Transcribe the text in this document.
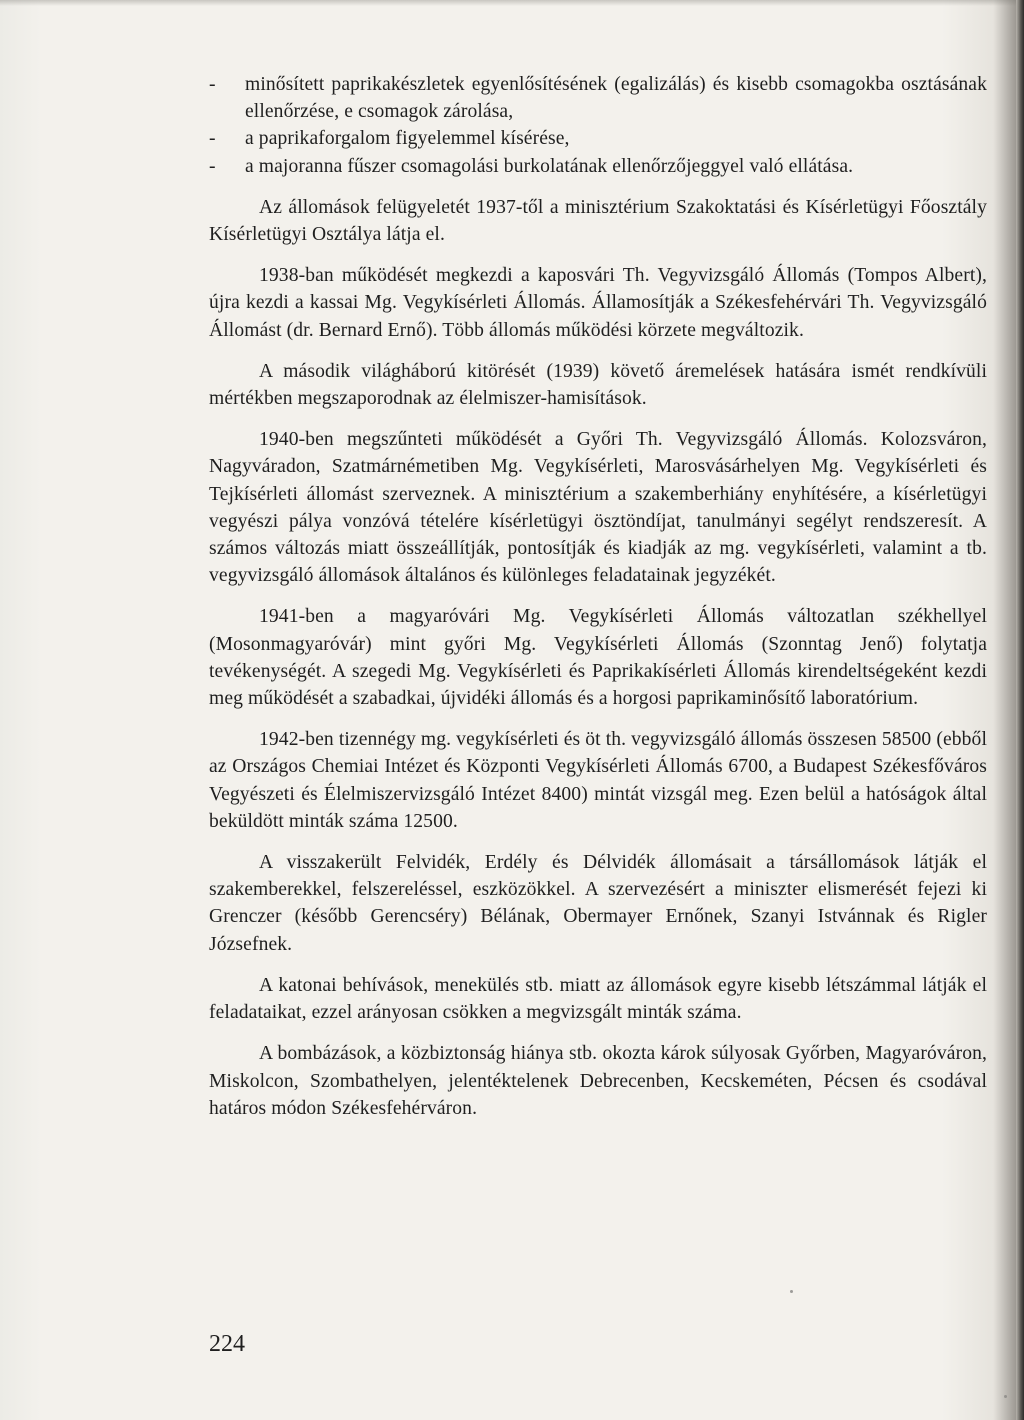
- minősített paprikakészletek egyenlősítésének (egalizálás) és kisebb csomagokba osztásának ellenőrzése, e csomagok zárolása,

- a paprikaforgalom figyelemmel kísérése,

- a majoranna fűszer csomagolási burkolatának ellenőrzőjeggyel való ellátása.

Az állomások felügyeletét 1937-től a minisztérium Szakoktatási és Kísérletügyi Főosztály Kísérletügyi Osztálya látja el.

1938-ban működését megkezdi a kaposvári Th. Vegyvizsgáló Állomás (Tompos Albert), újra kezdi a kassai Mg. Vegykísérleti Állomás. Államosítják a Székesfehérvári Th. Vegyvizsgáló Állomást (dr. Bernard Ernő). Több állomás működési körzete megváltozik.

A második világháború kitörését (1939) követő áremelések hatására ismét rendkívüli mértékben megszaporodnak az élelmiszer-hamisítások.

1940-ben megszűnteti működését a Győri Th. Vegyvizsgáló Állomás. Kolozsváron, Nagyváradon, Szatmárnémetiben Mg. Vegykísérleti, Marosvásárhelyen Mg. Vegykísérleti és Tejkísérleti állomást szerveznek. A minisztérium a szakemberhiány enyhítésére, a kísérletügyi vegyészi pálya vonzóvá tételére kísérletügyi ösztöndíjat, tanulmányi segélyt rendszeresít. A számos változás miatt összeállítják, pontosítják és kiadják az mg. vegykísérleti, valamint a tb. vegyvizsgáló állomások általános és különleges feladatainak jegyzékét.

1941-ben a magyaróvári Mg. Vegykísérleti Állomás változatlan székhellyel (Mosonmagyaróvár) mint győri Mg. Vegykísérleti Állomás (Szonntag Jenő) folytatja tevékenységét. A szegedi Mg. Vegykísérleti és Paprikakísérleti Állomás kirendeltségeként kezdi meg működését a szabadkai, újvidéki állomás és a horgosi paprikaminősítő laboratórium.

1942-ben tizennégy mg. vegykísérleti és öt th. vegyvizsgáló állomás összesen 58500 (ebből az Országos Chemiai Intézet és Központi Vegykísérleti Állomás 6700, a Budapest Székesfőváros Vegyészeti és Élelmiszervizsgáló Intézet 8400) mintát vizsgál meg. Ezen belül a hatóságok által beküldött minták száma 12500.

A visszakerült Felvidék, Erdély és Délvidék állomásait a társállomások látják el szakemberekkel, felszereléssel, eszközökkel. A szervezésért a miniszter elismerését fejezi ki Grenczer (később Gerencséry) Bélának, Obermayer Ernőnek, Szanyi Istvánnak és Rigler Józsefnek.

A katonai behívások, menekülés stb. miatt az állomások egyre kisebb létszámmal látják el feladataikat, ezzel arányosan csökken a megvizsgált minták száma.

A bombázások, a közbiztonság hiánya stb. okozta károk súlyosak Győrben, Magyaróváron, Miskolcon, Szombathelyen, jelentéktelenek Debrecenben, Kecskeméten, Pécsen és csodával határos módon Székesfehérváron.

224
